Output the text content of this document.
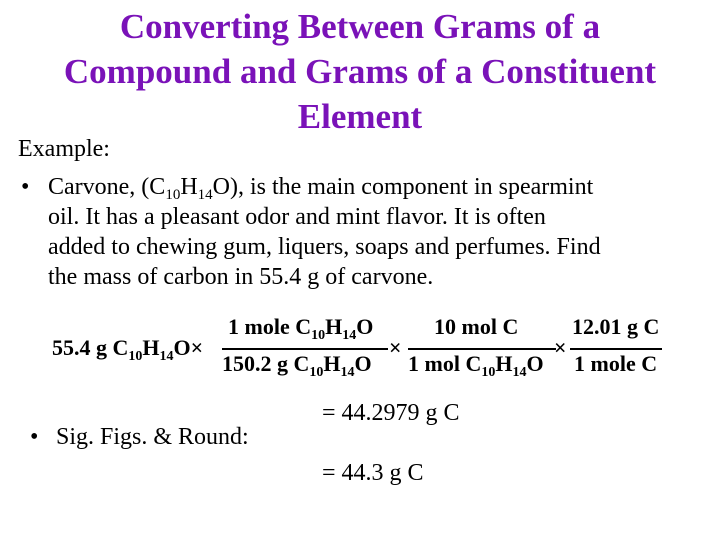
Converting Between Grams of a
Compound and Grams of a Constituent
Element
Example:
• Carvone, $(C_{10}H_{14}O)$, is the main component in spearmint
oil. It has a pleasant odor and mint flavor. It is often
added to chewing gum, liquers, soaps and perfumes. Find
the mass of carbon in 55.4 g of carvone.
55.4 g $C_{10}H_{14}O\times$
1 mole $C_{10}H_{14}O$
150.2 g $C_{10}H_{14}O$
×
10 mol C
1 mol $C_{10}H_{14}O$
×
12.01 g C
1 mole C
= 44.2979 g C
• Sig. Figs. & Round:
= 44.3 g C
